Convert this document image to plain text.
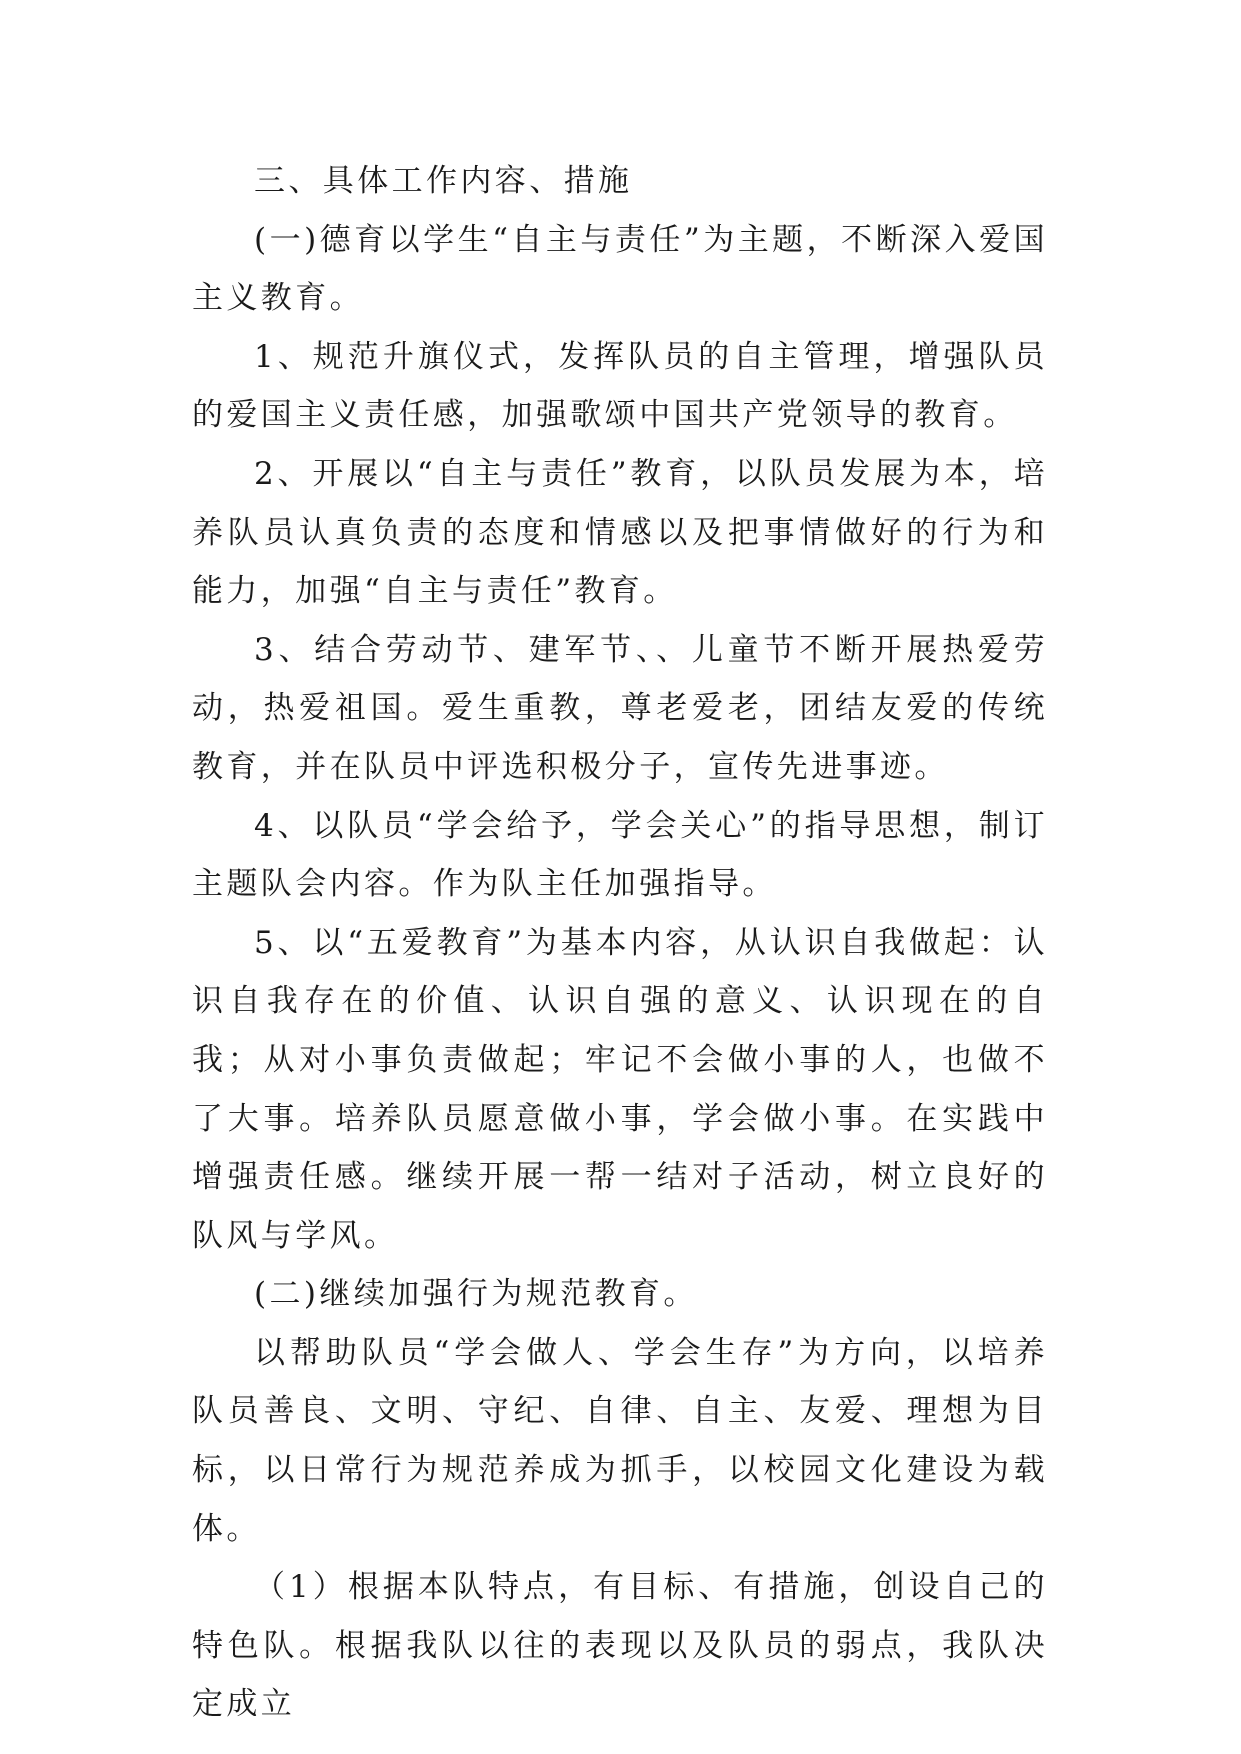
三、具体工作内容、措施

(一)德育以学生“自主与责任”为主题，不断深入爱国主义教育。

1、规范升旗仪式，发挥队员的自主管理，增强队员的爱国主义责任感，加强歌颂中国共产党领导的教育。

2、开展以“自主与责任”教育，以队员发展为本，培养队员认真负责的态度和情感以及把事情做好的行为和能力，加强“自主与责任”教育。

3、结合劳动节、建军节、、儿童节不断开展热爱劳动，热爱祖国。爱生重教，尊老爱老，团结友爱的传统教育，并在队员中评选积极分子，宣传先进事迹。

4、以队员“学会给予，学会关心”的指导思想，制订主题队会内容。作为队主任加强指导。

5、以“五爱教育”为基本内容，从认识自我做起：认识自我存在的价值、认识自强的意义、认识现在的自我；从对小事负责做起；牢记不会做小事的人，也做不了大事。培养队员愿意做小事，学会做小事。在实践中增强责任感。继续开展一帮一结对子活动，树立良好的队风与学风。

(二)继续加强行为规范教育。

以帮助队员“学会做人、学会生存”为方向，以培养队员善良、文明、守纪、自律、自主、友爱、理想为目标，以日常行为规范养成为抓手，以校园文化建设为载体。

（1）根据本队特点，有目标、有措施，创设自己的特色队。根据我队以往的表现以及队员的弱点，我队决定成立
